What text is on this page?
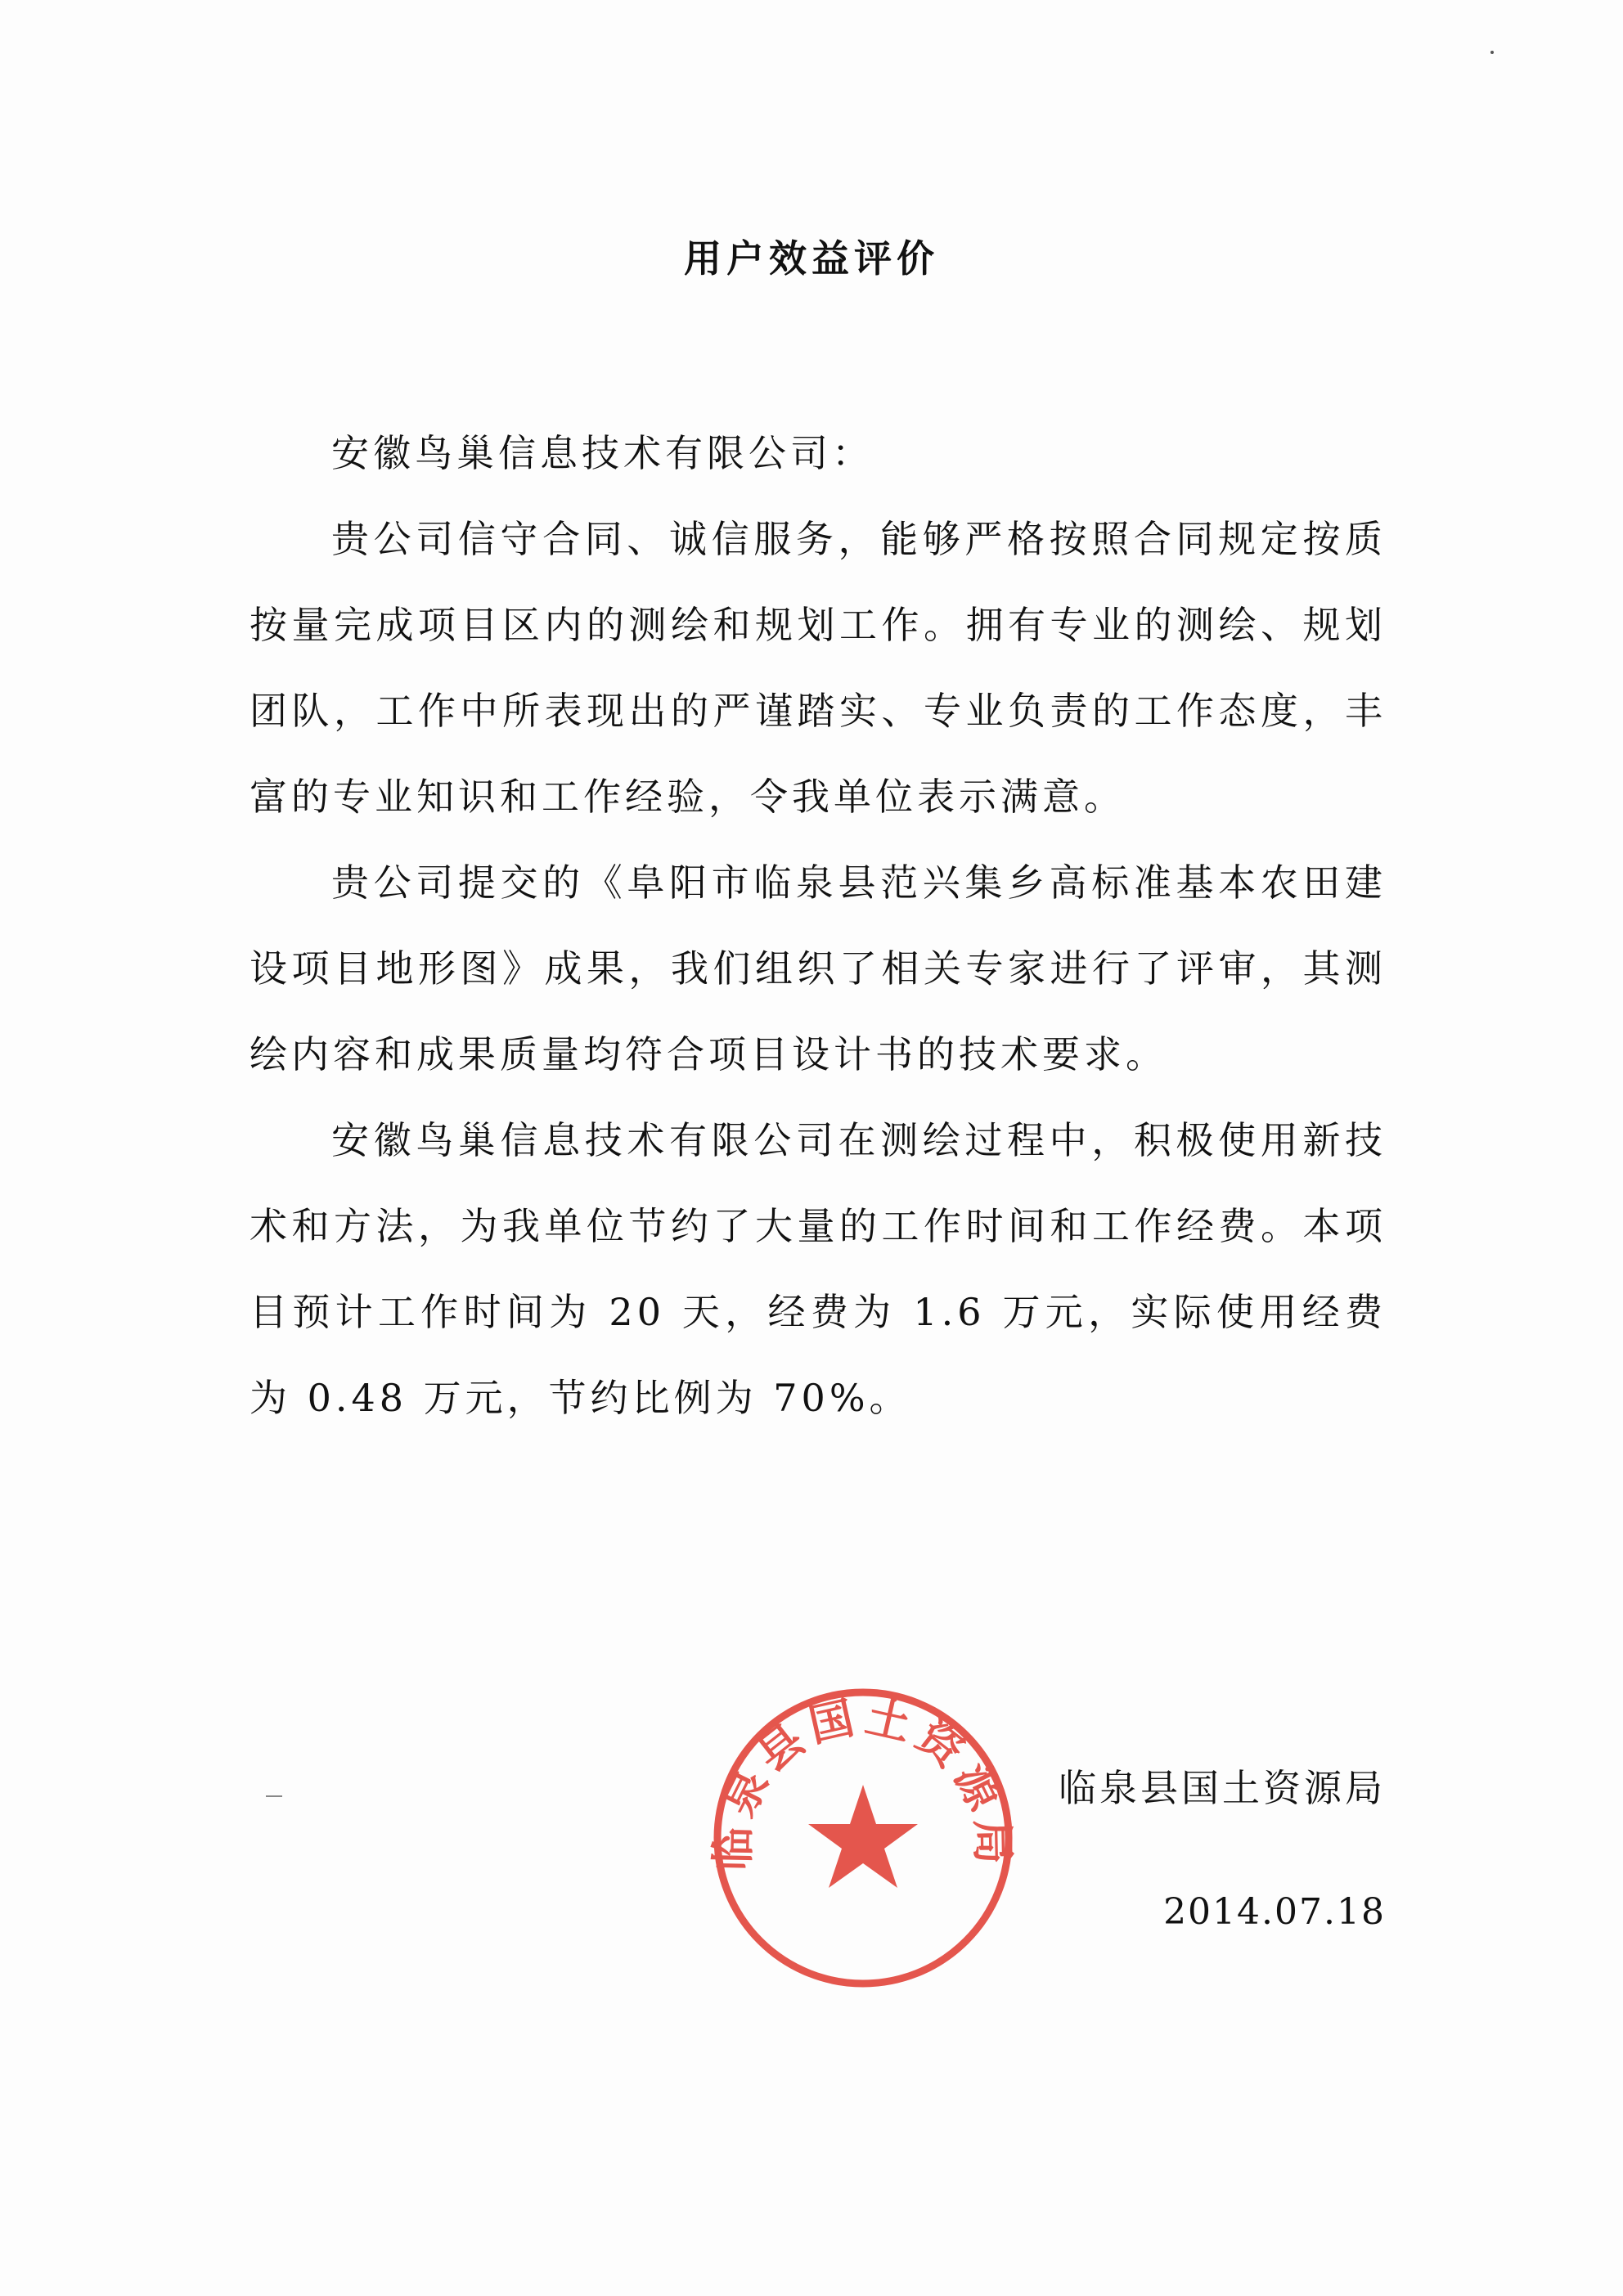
用户效益评价

安徽鸟巢信息技术有限公司：

贵公司信守合同、诚信服务，能够严格按照合同规定按质按量完成项目区内的测绘和规划工作。拥有专业的测绘、规划团队，工作中所表现出的严谨踏实、专业负责的工作态度，丰富的专业知识和工作经验，令我单位表示满意。

贵公司提交的《阜阳市临泉县范兴集乡高标准基本农田建设项目地形图》成果，我们组织了相关专家进行了评审，其测绘内容和成果质量均符合项目设计书的技术要求。

安徽鸟巢信息技术有限公司在测绘过程中，积极使用新技术和方法，为我单位节约了大量的工作时间和工作经费。本项目预计工作时间为 20 天，经费为 1.6 万元，实际使用经费为 0.48 万元，节约比例为 70%。

临泉县国土资源局
临泉县国土资源局
2014.07.18
